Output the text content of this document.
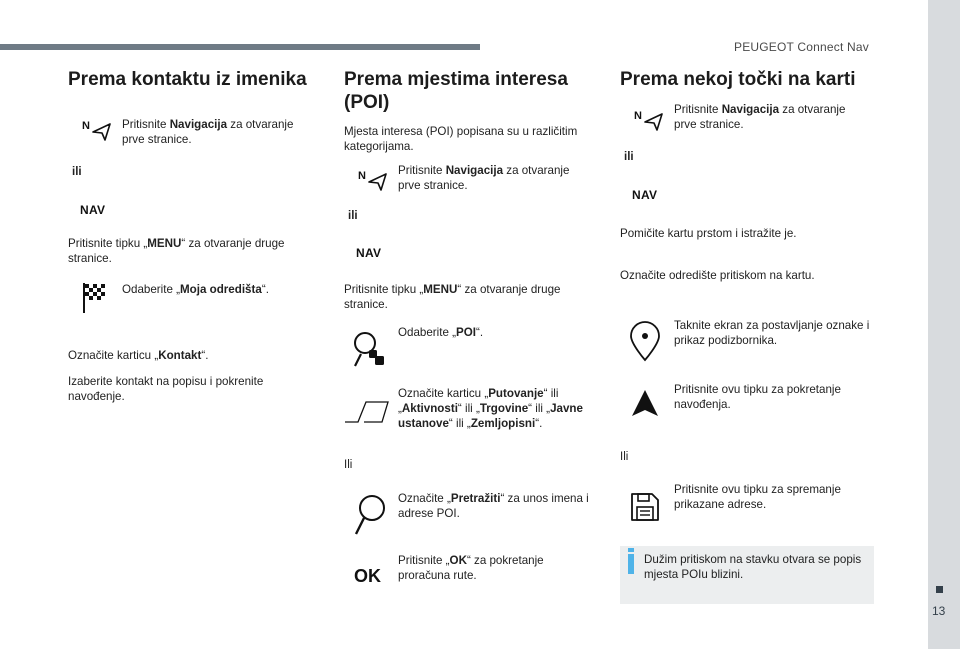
PEUGEOT Connect Nav
13
Prema kontaktu iz imenika
N	Pritisnite Navigacija za otvaranje prve stranice.
ili
NAV
Pritisnite tipku „MENU“ za otvaranje druge stranice.
Odaberite „Moja odredišta“.
Označite karticu „Kontakt“.
Izaberite kontakt na popisu i pokrenite navođenje.
Prema mjestima interesa (POI)
Mjesta interesa (POI) popisana su u različitim kategorijama.
N	Pritisnite Navigacija za otvaranje prve stranice.
ili
NAV
Pritisnite tipku „MENU“ za otvaranje druge stranice.
Odaberite „POI“.
Označite karticu „Putovanje“ ili „Aktivnosti“ ili „Trgovine“ ili „Javne ustanove“ ili „Zemljopisni“.
Ili
Označite „Pretražiti“ za unos imena i adrese POI.
OK
Pritisnite „OK“ za pokretanje proračuna rute.
Prema nekoj točki na karti
N	Pritisnite Navigacija za otvaranje prve stranice.
ili
NAV
Pomičite kartu prstom i istražite je.
Označite odredište pritiskom na kartu.
Taknite ekran za postavljanje oznake i prikaz podizbornika.
Pritisnite ovu tipku za pokretanje navođenja.
Ili
Pritisnite ovu tipku za spremanje prikazane adrese.
Dužim pritiskom na stavku otvara se popis mjesta POIu blizini.
